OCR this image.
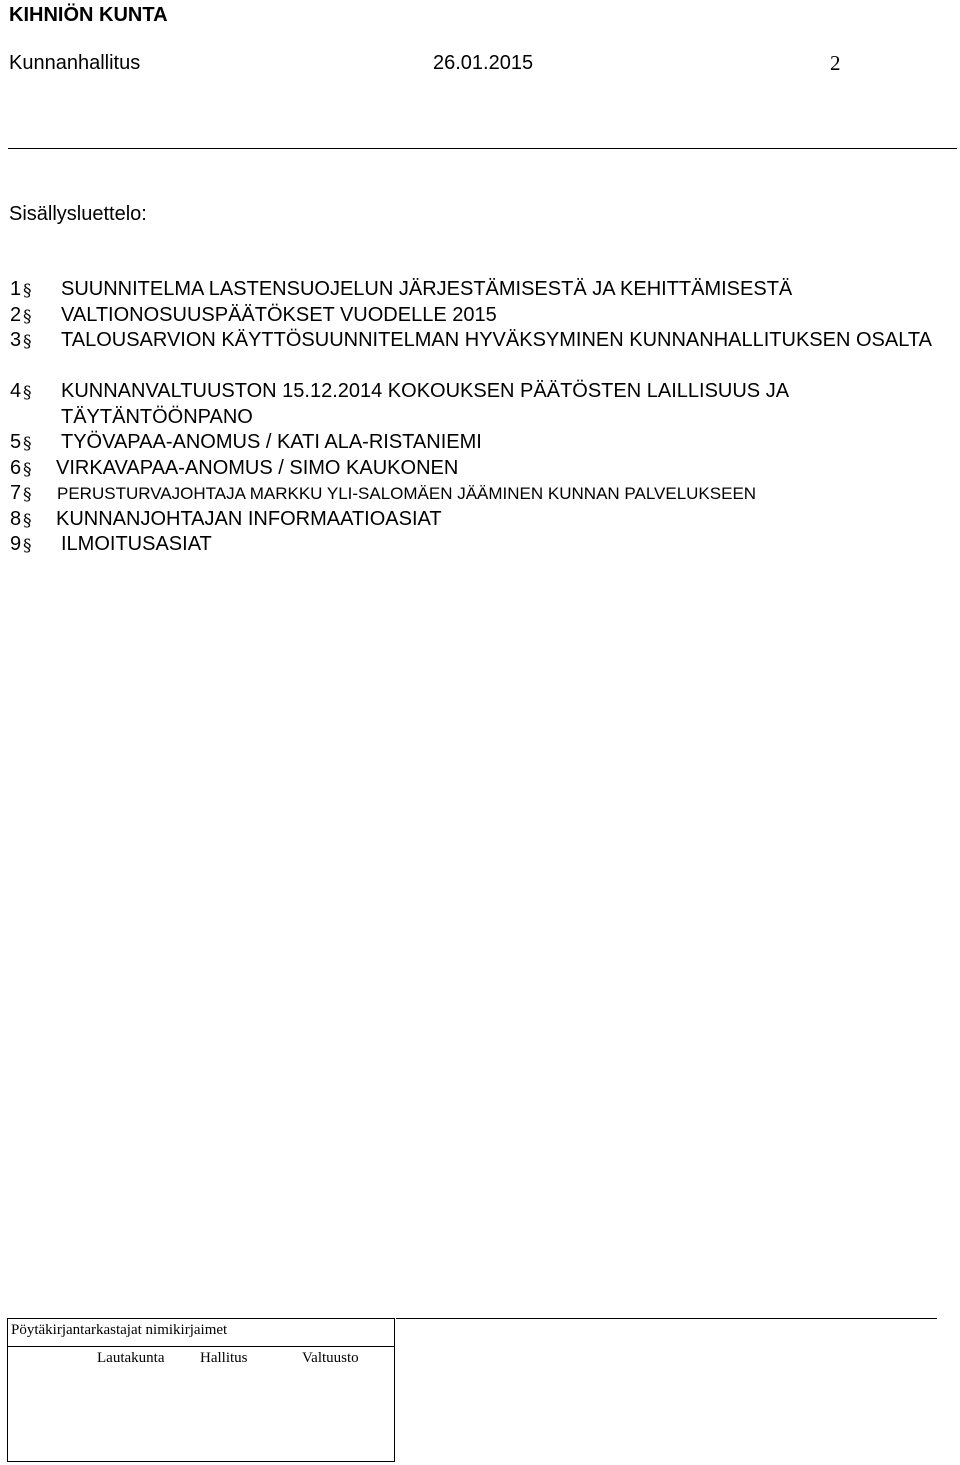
KIHNIÖN KUNTA
Kunnanhallitus	26.01.2015	2
Sisällysluettelo:
1 § SUUNNITELMA LASTENSUOJELUN JÄRJESTÄMISESTÄ JA KEHITTÄMISESTÄ
2 § VALTIONOSUUSPÄÄTÖKSET VUODELLE 2015
3 § TALOUSARVION KÄYTTÖSUUNNITELMAN HYVÄKSYMINEN KUNNANHALLITUKSEN OSALTA
4 § KUNNANVALTUUSTON 15.12.2014 KOKOUKSEN PÄÄTÖSTEN LAILLISUUS JA TÄYTÄNTÖÖNPANO
5 § TYÖVAPAA-ANOMUS / KATI ALA-RISTANIEMI
6 § VIRKAVAPAA-ANOMUS / SIMO KAUKONEN
7 § PERUSTURVAJOHTAJA MARKKU YLI-SALOMÄEN JÄÄMINEN KUNNAN PALVELUKSEEN
8 § KUNNANJOHTAJAN INFORMAATIOASIAT
9 § ILMOITUSASIAT
Pöytäkirjantarkastajat nimikirjaimet
Lautakunta Hallitus	Valtuusto
